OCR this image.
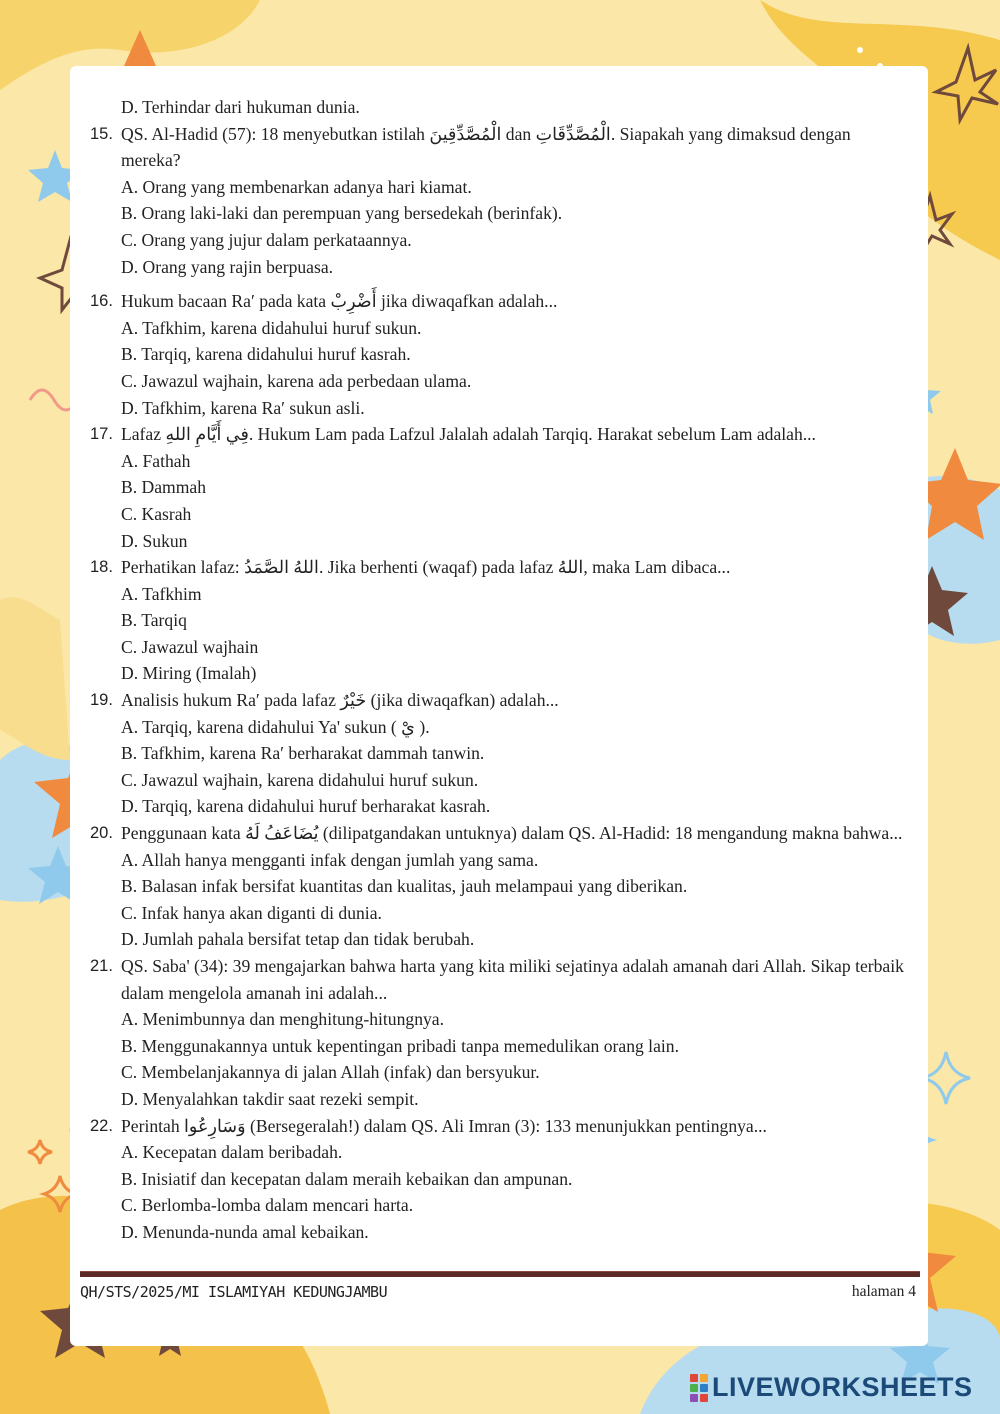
D. Terhindar dari hukuman dunia.
15. QS. Al-Hadid (57): 18 menyebutkan istilah الْمُصَّدِّقِينَ dan الْمُصَّدِّقَاتِ. Siapakah yang dimaksud dengan mereka?
A. Orang yang membenarkan adanya hari kiamat.
B. Orang laki-laki dan perempuan yang bersedekah (berinfak).
C. Orang yang jujur dalam perkataannya.
D. Orang yang rajin berpuasa.
16. Hukum bacaan Ra′ pada kata أَضْرِبْ jika diwaqafkan adalah...
A. Tafkhim, karena didahului huruf sukun.
B. Tarqiq, karena didahului huruf kasrah.
C. Jawazul wajhain, karena ada perbedaan ulama.
D. Tafkhim, karena Ra′ sukun asli.
17. Lafaz فِي أَيَّامِ اللهِ. Hukum Lam pada Lafzul Jalalah adalah Tarqiq. Harakat sebelum Lam adalah...
A. Fathah
B. Dammah
C. Kasrah
D. Sukun
18. Perhatikan lafaz: اللهُ الصَّمَدُ. Jika berhenti (waqaf) pada lafaz اللهُ, maka Lam dibaca...
A. Tafkhim
B. Tarqiq
C. Jawazul wajhain
D. Miring (Imalah)
19. Analisis hukum Ra′ pada lafaz خَيْرٌ (jika diwaqafkan) adalah...
A. Tarqiq, karena didahului Ya' sukun ( يْ ).
B. Tafkhim, karena Ra′ berharakat dammah tanwin.
C. Jawazul wajhain, karena didahului huruf sukun.
D. Tarqiq, karena didahului huruf berharakat kasrah.
20. Penggunaan kata يُضَاعَفُ لَهُ (dilipatgandakan untuknya) dalam QS. Al-Hadid: 18 mengandung makna bahwa...
A. Allah hanya mengganti infak dengan jumlah yang sama.
B. Balasan infak bersifat kuantitas dan kualitas, jauh melampaui yang diberikan.
C. Infak hanya akan diganti di dunia.
D. Jumlah pahala bersifat tetap dan tidak berubah.
21. QS. Saba' (34): 39 mengajarkan bahwa harta yang kita miliki sejatinya adalah amanah dari Allah. Sikap terbaik dalam mengelola amanah ini adalah...
A. Menimbunnya dan menghitung-hitungnya.
B. Menggunakannya untuk kepentingan pribadi tanpa memedulikan orang lain.
C. Membelanjakannya di jalan Allah (infak) dan bersyukur.
D. Menyalahkan takdir saat rezeki sempit.
22. Perintah وَسَارِعُوا (Bersegeralah!) dalam QS. Ali Imran (3): 133 menunjukkan pentingnya...
A. Kecepatan dalam beribadah.
B. Inisiatif dan kecepatan dalam meraih kebaikan dan ampunan.
C. Berlomba-lomba dalam mencari harta.
D. Menunda-nunda amal kebaikan.
QH/STS/2025/MI ISLAMIYAH KEDUNGJAMBU	halaman 4
LIVEWORKSHEETS
